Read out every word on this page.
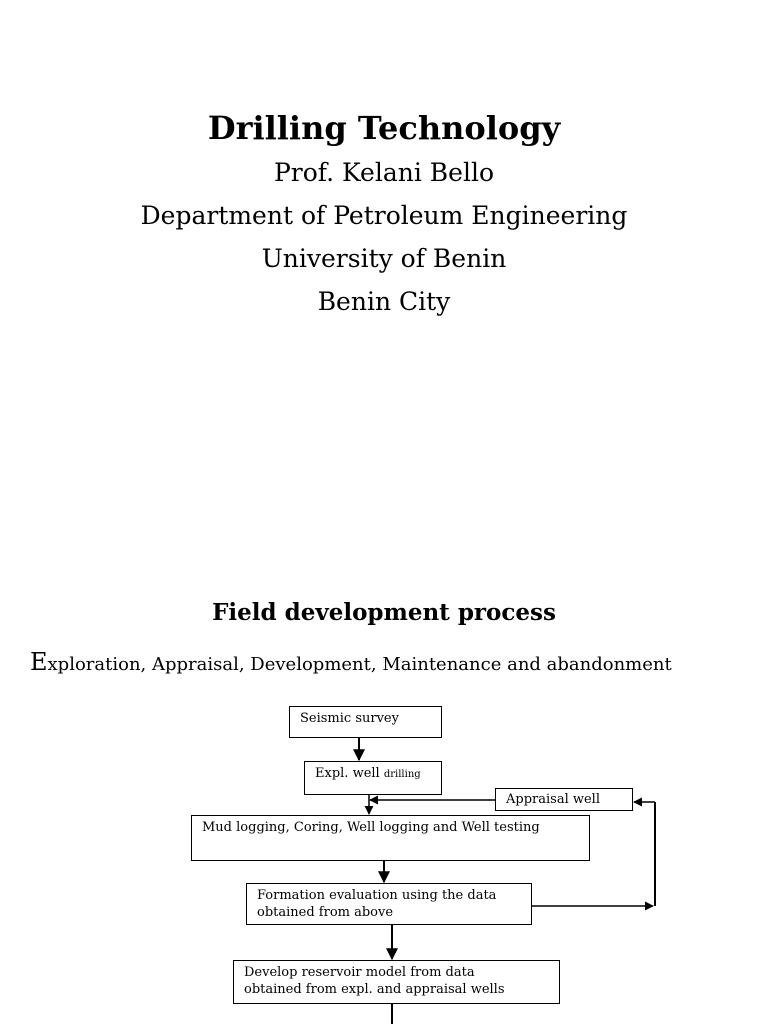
Drilling Technology
Prof. Kelani Bello
Department of Petroleum Engineering
University of Benin
Benin City
Field development process
Exploration, Appraisal, Development, Maintenance and abandonment
Seismic survey
Expl. well drilling
Appraisal well
Mud logging, Coring, Well logging and Well testing
Formation evaluation using the data
obtained from above
Develop reservoir model from data
obtained from expl. and appraisal wells
